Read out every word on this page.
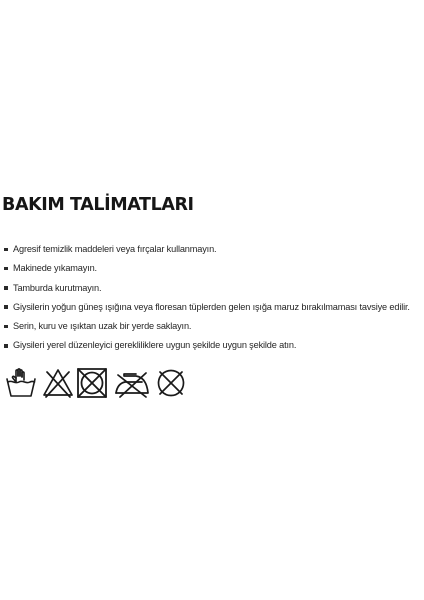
BAKIM TALİMATLARI
Agresif temizlik maddeleri veya fırçalar kullanmayın.
Makinede yıkamayın.
Tamburda kurutmayın.
Giysilerin yoğun güneş ışığına veya floresan tüplerden gelen ışığa maruz bırakılmaması tavsiye edilir.
Serin, kuru ve ışıktan uzak bir yerde saklayın.
Giysileri yerel düzenleyici gerekliliklere uygun şekilde uygun şekilde atın.
